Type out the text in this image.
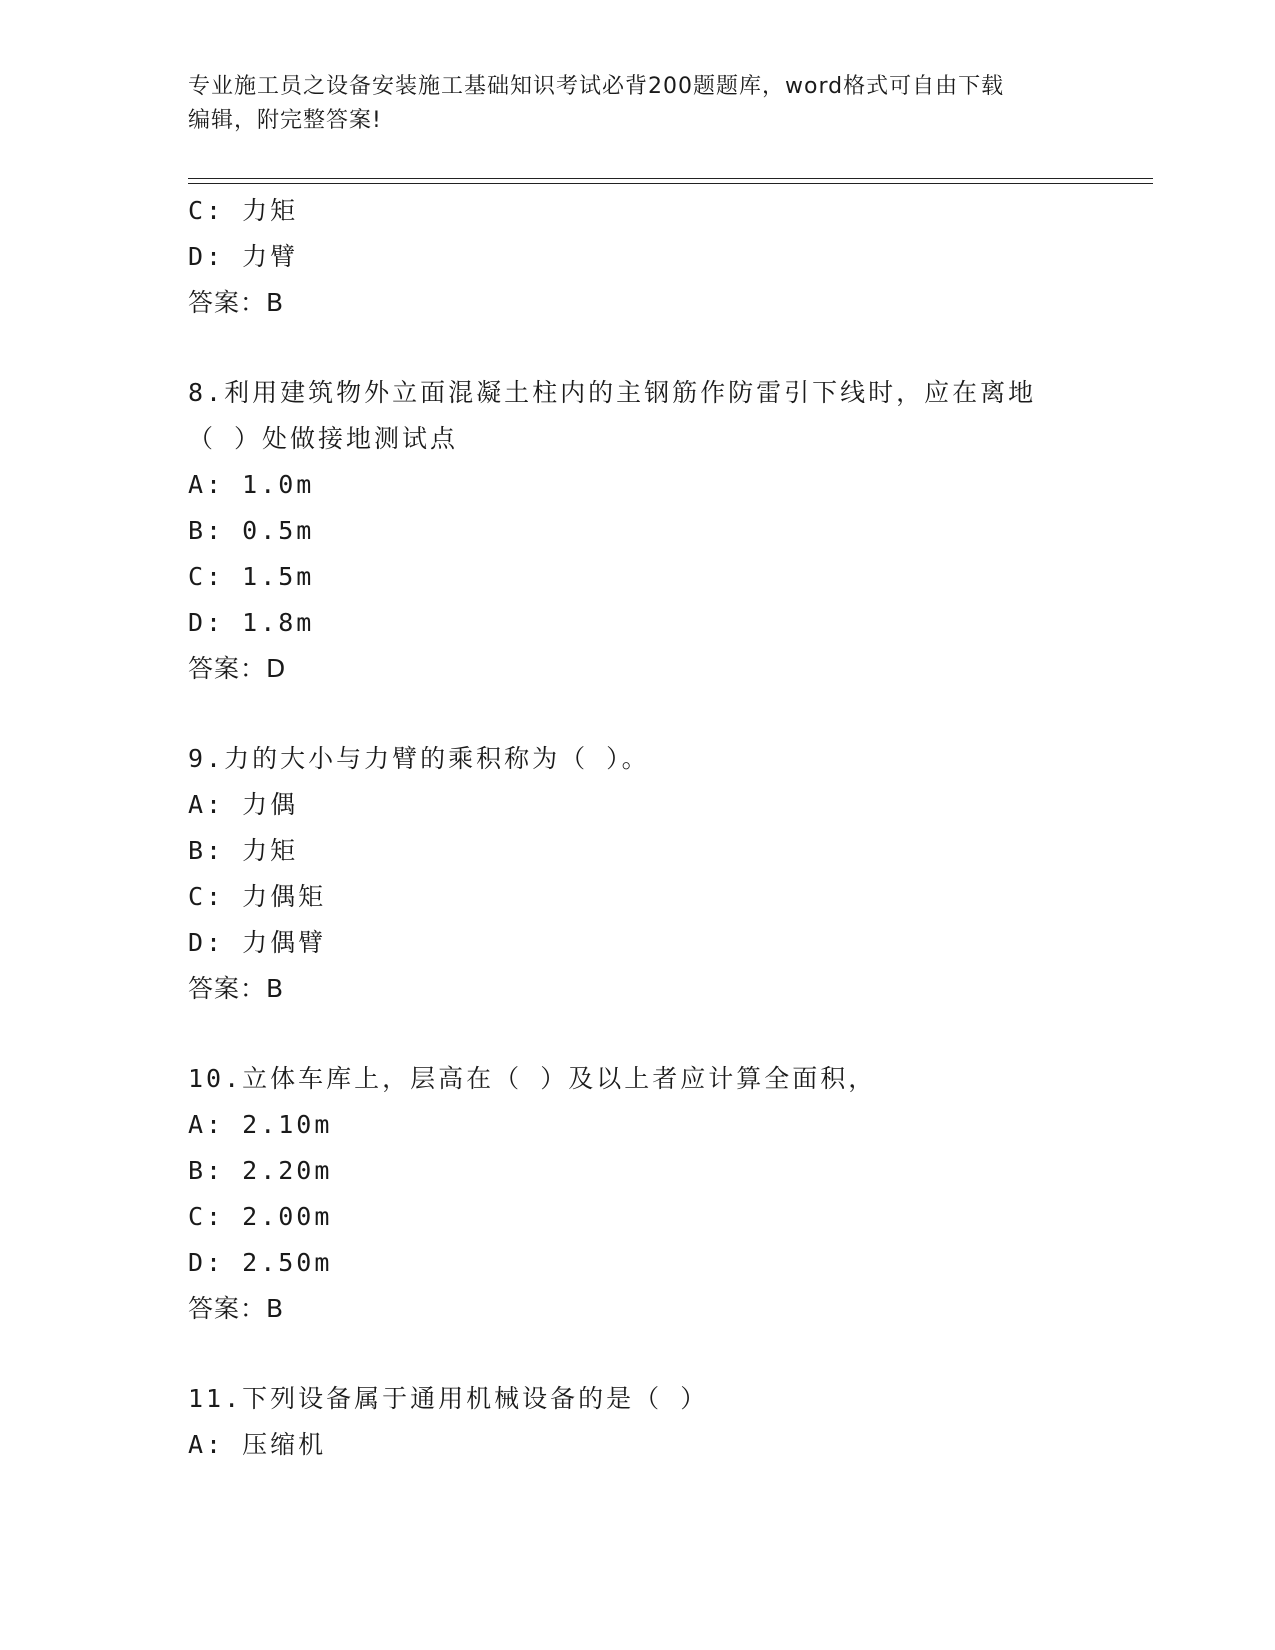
专业施工员之设备安装施工基础知识考试必背200题题库，word格式可自由下载
编辑，附完整答案!
C: 力矩
D: 力臂
答案：B
8.利用建筑物外立面混凝土柱内的主钢筋作防雷引下线时，应在离地
（ ）处做接地测试点
A: 1.0m
B: 0.5m
C: 1.5m
D: 1.8m
答案：D
9.力的大小与力臂的乘积称为（ ）。
A: 力偶
B: 力矩
C: 力偶矩
D: 力偶臂
答案：B
10.立体车库上，层高在（ ）及以上者应计算全面积，
A: 2.10m
B: 2.20m
C: 2.00m
D: 2.50m
答案：B
11.下列设备属于通用机械设备的是（ ）
A: 压缩机
